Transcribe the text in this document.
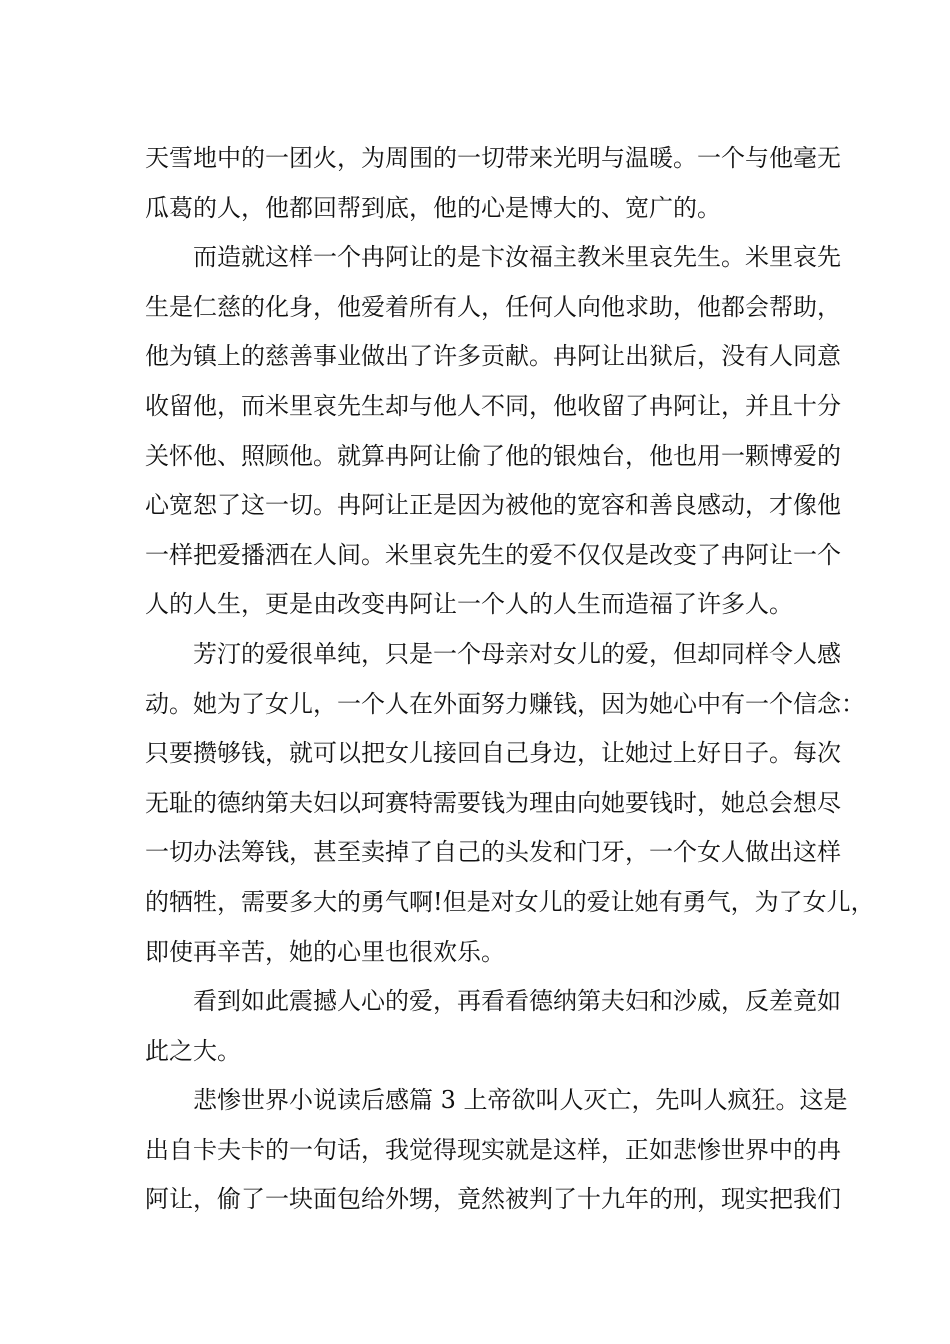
天雪地中的一团火，为周围的一切带来光明与温暖。一个与他毫无
瓜葛的人，他都回帮到底，他的心是博大的、宽广的。
而造就这样一个冉阿让的是卞汝福主教米里哀先生。米里哀先
生是仁慈的化身，他爱着所有人，任何人向他求助，他都会帮助，
他为镇上的慈善事业做出了许多贡献。冉阿让出狱后，没有人同意
收留他，而米里哀先生却与他人不同，他收留了冉阿让，并且十分
关怀他、照顾他。就算冉阿让偷了他的银烛台，他也用一颗博爱的
心宽恕了这一切。冉阿让正是因为被他的宽容和善良感动，才像他
一样把爱播洒在人间。米里哀先生的爱不仅仅是改变了冉阿让一个
人的人生，更是由改变冉阿让一个人的人生而造福了许多人。
芳汀的爱很单纯，只是一个母亲对女儿的爱，但却同样令人感
动。她为了女儿，一个人在外面努力赚钱，因为她心中有一个信念：
只要攒够钱，就可以把女儿接回自己身边，让她过上好日子。每次
无耻的德纳第夫妇以珂赛特需要钱为理由向她要钱时，她总会想尽
一切办法筹钱，甚至卖掉了自己的头发和门牙，一个女人做出这样
的牺牲，需要多大的勇气啊!但是对女儿的爱让她有勇气，为了女儿，
即使再辛苦，她的心里也很欢乐。
看到如此震撼人心的爱，再看看德纳第夫妇和沙威，反差竟如
此之大。
悲惨世界小说读后感篇 3 上帝欲叫人灭亡，先叫人疯狂。这是
出自卡夫卡的一句话，我觉得现实就是这样，正如悲惨世界中的冉
阿让，偷了一块面包给外甥，竟然被判了十九年的刑，现实把我们
